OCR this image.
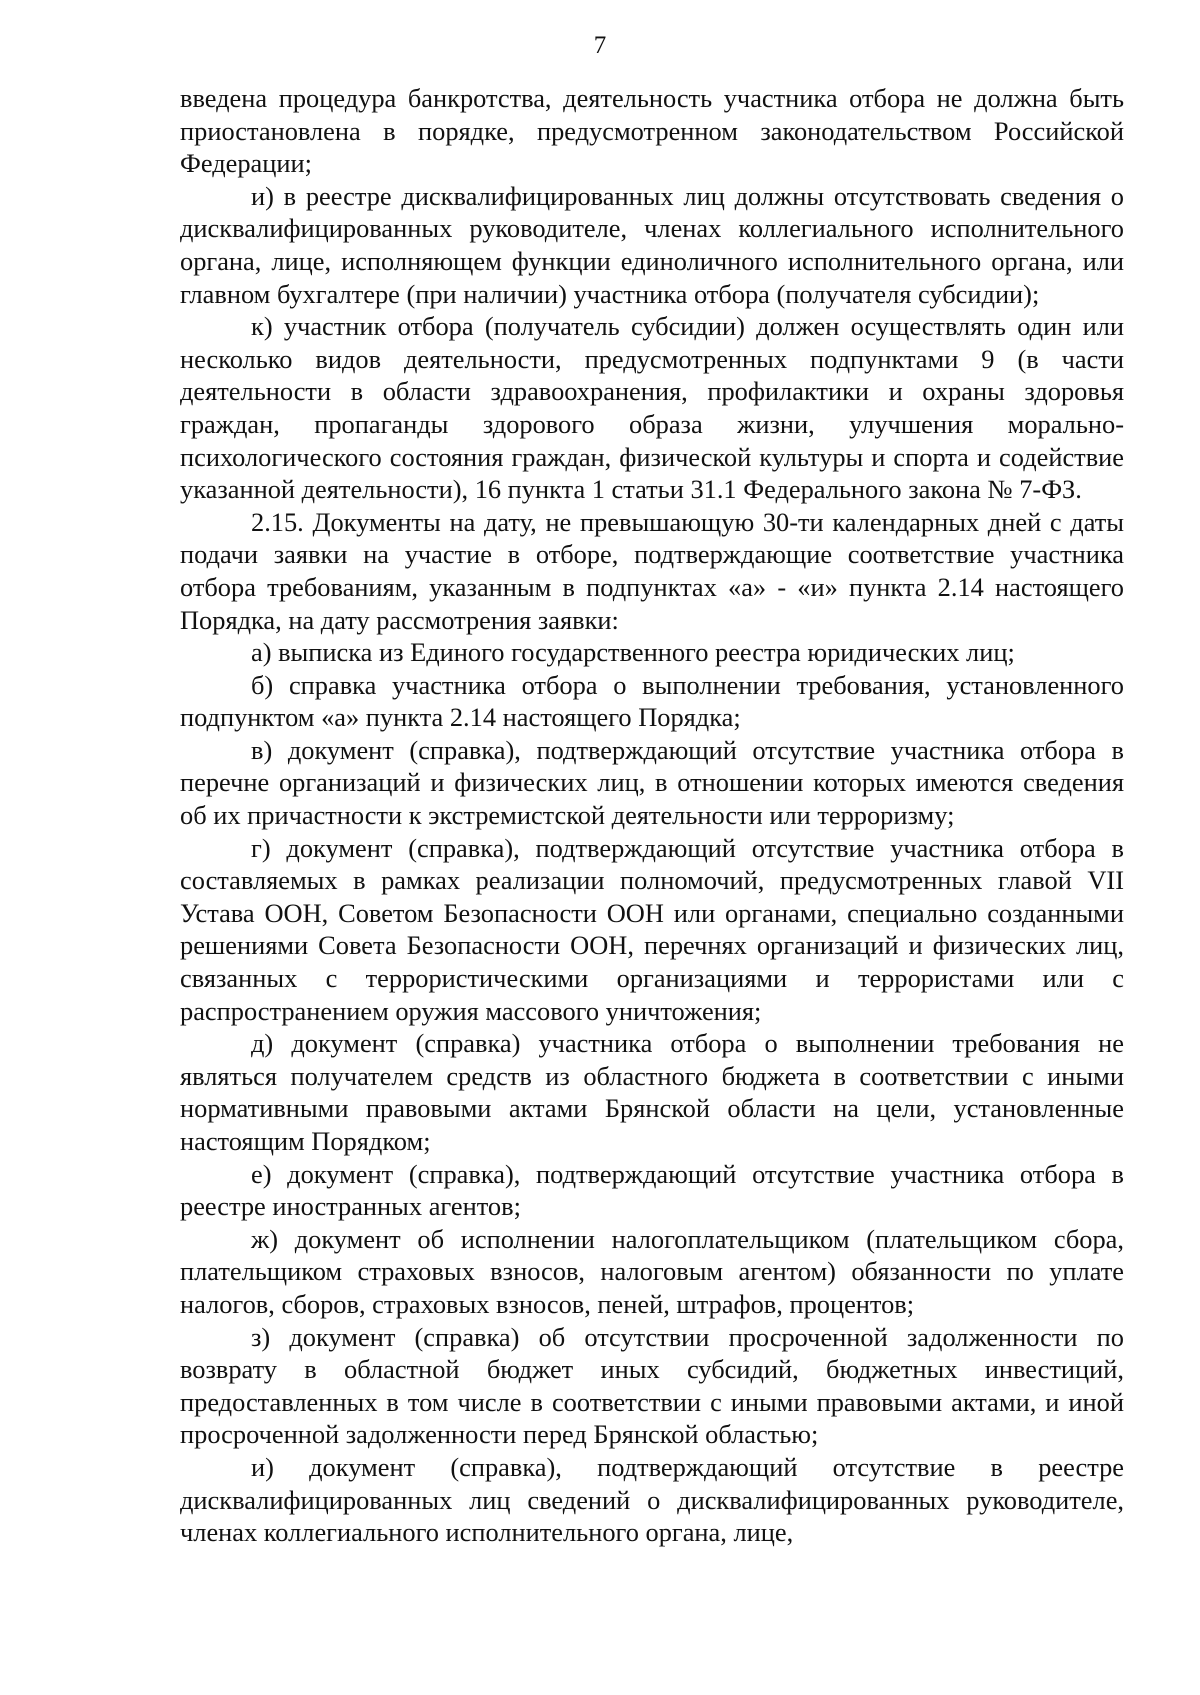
7

введена процедура банкротства, деятельность участника отбора не должна быть приостановлена в порядке, предусмотренном законодательством Российской Федерации;

и) в реестре дисквалифицированных лиц должны отсутствовать сведения о дисквалифицированных руководителе, членах коллегиального исполнительного органа, лице, исполняющем функции единоличного исполнительного органа, или главном бухгалтере (при наличии) участника отбора (получателя субсидии);

к) участник отбора (получатель субсидии) должен осуществлять один или несколько видов деятельности, предусмотренных подпунктами 9 (в части деятельности в области здравоохранения, профилактики и охраны здоровья граждан, пропаганды здорового образа жизни, улучшения морально-психологического состояния граждан, физической культуры и спорта и содействие указанной деятельности), 16 пункта 1 статьи 31.1 Федерального закона № 7-ФЗ.

2.15. Документы на дату, не превышающую 30-ти календарных дней с даты подачи заявки на участие в отборе, подтверждающие соответствие участника отбора требованиям, указанным в подпунктах «а» - «и» пункта 2.14 настоящего Порядка, на дату рассмотрения заявки:

а) выписка из Единого государственного реестра юридических лиц;

б) справка участника отбора о выполнении требования, установленного подпунктом «а» пункта 2.14 настоящего Порядка;

в) документ (справка), подтверждающий отсутствие участника отбора в перечне организаций и физических лиц, в отношении которых имеются сведения об их причастности к экстремистской деятельности или терроризму;

г) документ (справка), подтверждающий отсутствие участника отбора в составляемых в рамках реализации полномочий, предусмотренных главой VII Устава ООН, Советом Безопасности ООН или органами, специально созданными решениями Совета Безопасности ООН, перечнях организаций и физических лиц, связанных с террористическими организациями и террористами или с распространением оружия массового уничтожения;

д) документ (справка) участника отбора о выполнении требования не являться получателем средств из областного бюджета в соответствии с иными нормативными правовыми актами Брянской области на цели, установленные настоящим Порядком;

е) документ (справка), подтверждающий отсутствие участника отбора в реестре иностранных агентов;

ж) документ об исполнении налогоплательщиком (плательщиком сбора, плательщиком страховых взносов, налоговым агентом) обязанности по уплате налогов, сборов, страховых взносов, пеней, штрафов, процентов;

з) документ (справка) об отсутствии просроченной задолженности по возврату в областной бюджет иных субсидий, бюджетных инвестиций, предоставленных в том числе в соответствии с иными правовыми актами, и иной просроченной задолженности перед Брянской областью;

и) документ (справка), подтверждающий отсутствие в реестре дисквалифицированных лиц сведений о дисквалифицированных руководителе, членах коллегиального исполнительного органа, лице,
